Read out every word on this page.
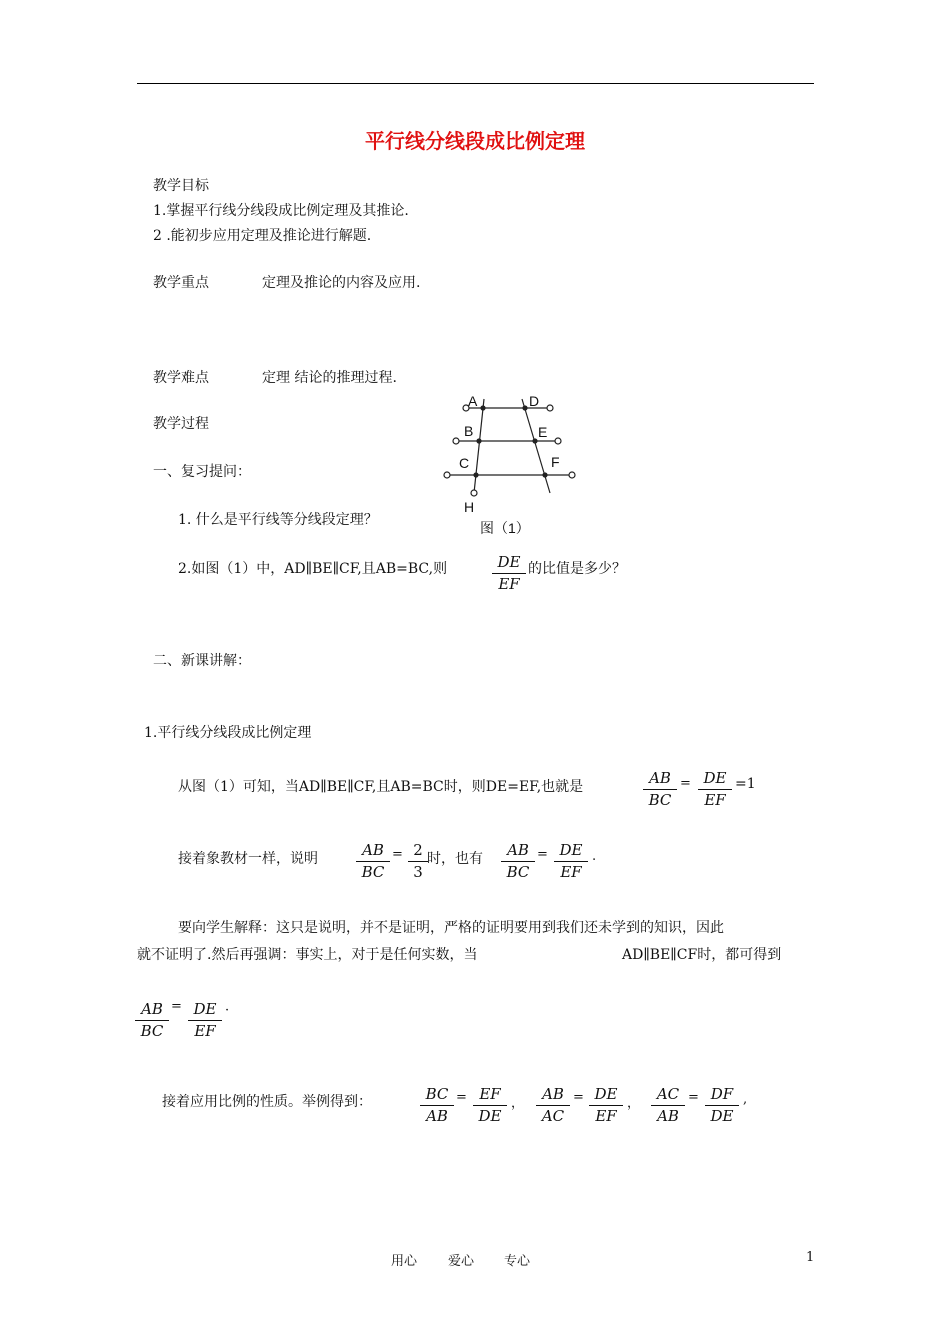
平行线分线段成比例定理
教学目标
1.掌握平行线分线段成比例定理及其推论.
2 .能初步应用定理及推论进行解题.
教学重点	定理及推论的内容及应用.
教学难点	定理 结论的推理过程.
教学过程
A	D
B	E
C	F
H
图（1）
一、复习提问：
1. 什么是平行线等分线段定理？
2.如图（1）中，AD∥BE∥CF,且AB=BC,则	$\frac{DE}{EF}$ 的比值是多少？
二、新课讲解：
1.平行线分线段成比例定理
从图（1）可知，当AD∥BE∥CF,且AB=BC时，则DE=EF,也就是	$\frac{AB}{BC} = \frac{DE}{EF} =1$
接着象教材一样，说明	$\frac{AB}{BC} = \frac{2}{3}$ 时，也有 $\frac{AB}{BC} = \frac{DE}{EF}$ .
要向学生解释：这只是说明，并不是证明，严格的证明要用到我们还未学到的知识，因此
就不证明了.然后再强调：事实上，对于是任何实数，当	AD∥BE∥CF时，都可得到
$\frac{AB}{BC} = \frac{DE}{EF}$ ·
接着应用比例的性质。举例得到：	$\frac{BC}{AB} = \frac{EF}{DE}$ ， $\frac{AB}{AC} = \frac{DE}{EF}$ ， $\frac{AC}{AB} = \frac{DF}{DE}$ ,
用心 爱心 专心	1
